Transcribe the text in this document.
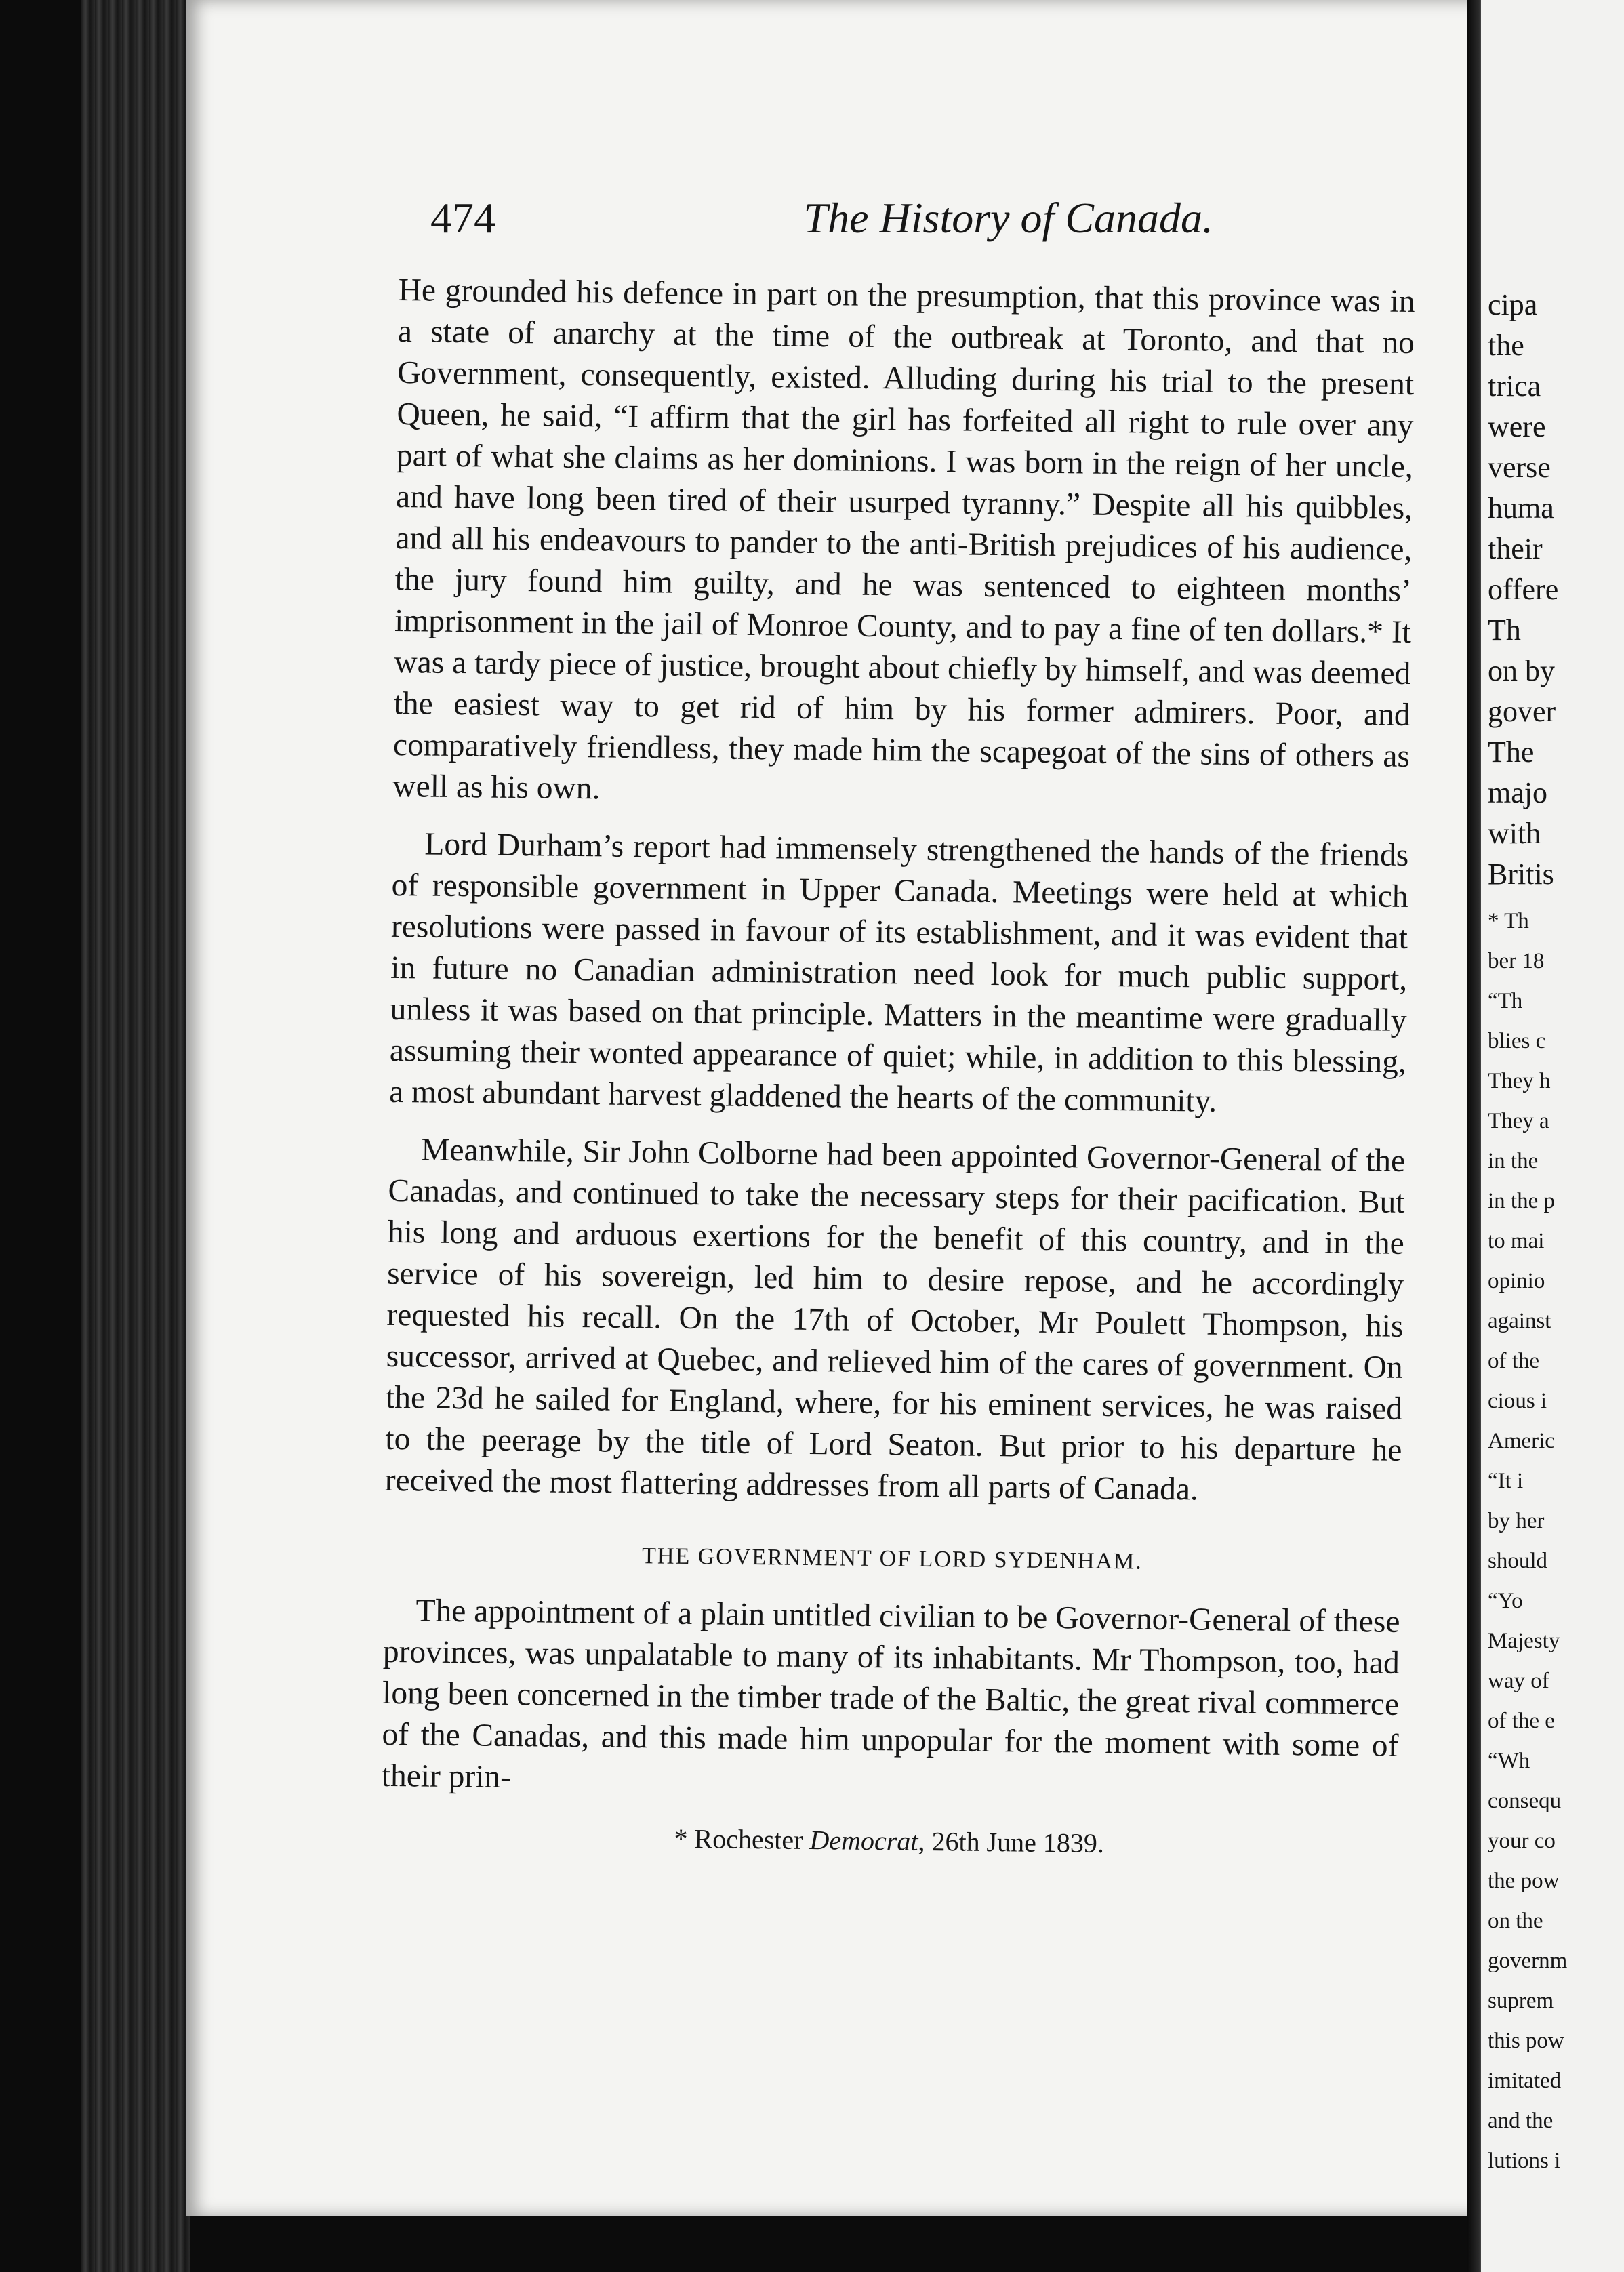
474	The History of Canada.

He grounded his defence in part on the presumption, that this province was in a state of anarchy at the time of the outbreak at Toronto, and that no Government, consequently, existed. Alluding during his trial to the present Queen, he said, “I affirm that the girl has forfeited all right to rule over any part of what she claims as her dominions. I was born in the reign of her uncle, and have long been tired of their usurped tyranny.” Despite all his quibbles, and all his endeavours to pander to the anti-British prejudices of his audience, the jury found him guilty, and he was sentenced to eighteen months’ imprisonment in the jail of Monroe County, and to pay a fine of ten dollars.* It was a tardy piece of justice, brought about chiefly by himself, and was deemed the easiest way to get rid of him by his former admirers. Poor, and comparatively friendless, they made him the scapegoat of the sins of others as well as his own.

Lord Durham’s report had immensely strengthened the hands of the friends of responsible government in Upper Canada. Meetings were held at which resolutions were passed in favour of its establishment, and it was evident that in future no Canadian administration need look for much public support, unless it was based on that principle. Matters in the meantime were gradually assuming their wonted appearance of quiet; while, in addition to this blessing, a most abundant harvest gladdened the hearts of the community.

Meanwhile, Sir John Colborne had been appointed Governor-General of the Canadas, and continued to take the necessary steps for their pacification. But his long and arduous exertions for the benefit of this country, and in the service of his sovereign, led him to desire repose, and he accordingly requested his recall. On the 17th of October, Mr Poulett Thompson, his successor, arrived at Quebec, and relieved him of the cares of government. On the 23d he sailed for England, where, for his eminent services, he was raised to the peerage by the title of Lord Seaton. But prior to his departure he received the most flattering addresses from all parts of Canada.

THE GOVERNMENT OF LORD SYDENHAM.

The appointment of a plain untitled civilian to be Governor-General of these provinces, was unpalatable to many of its inhabitants. Mr Thompson, too, had long been concerned in the timber trade of the Baltic, the great rival commerce of the Canadas, and this made him unpopular for the moment with some of their prin-

* Rochester Democrat, 26th June 1839.
cipa
the
trica
were
verse
huma
their
offere
Th
on by
gover
The
majo
with
Britis
* Th
ber 18
“Th
blies c
They h
They a
in the
in the p
to mai
opinio
against
of the
cious i
Americ
“It i
by her
should
“Yo
Majesty
way of
of the e
“Wh
consequ
your co
the pow
on the
governm
suprem
this pow
imitated
and the
lutions i
